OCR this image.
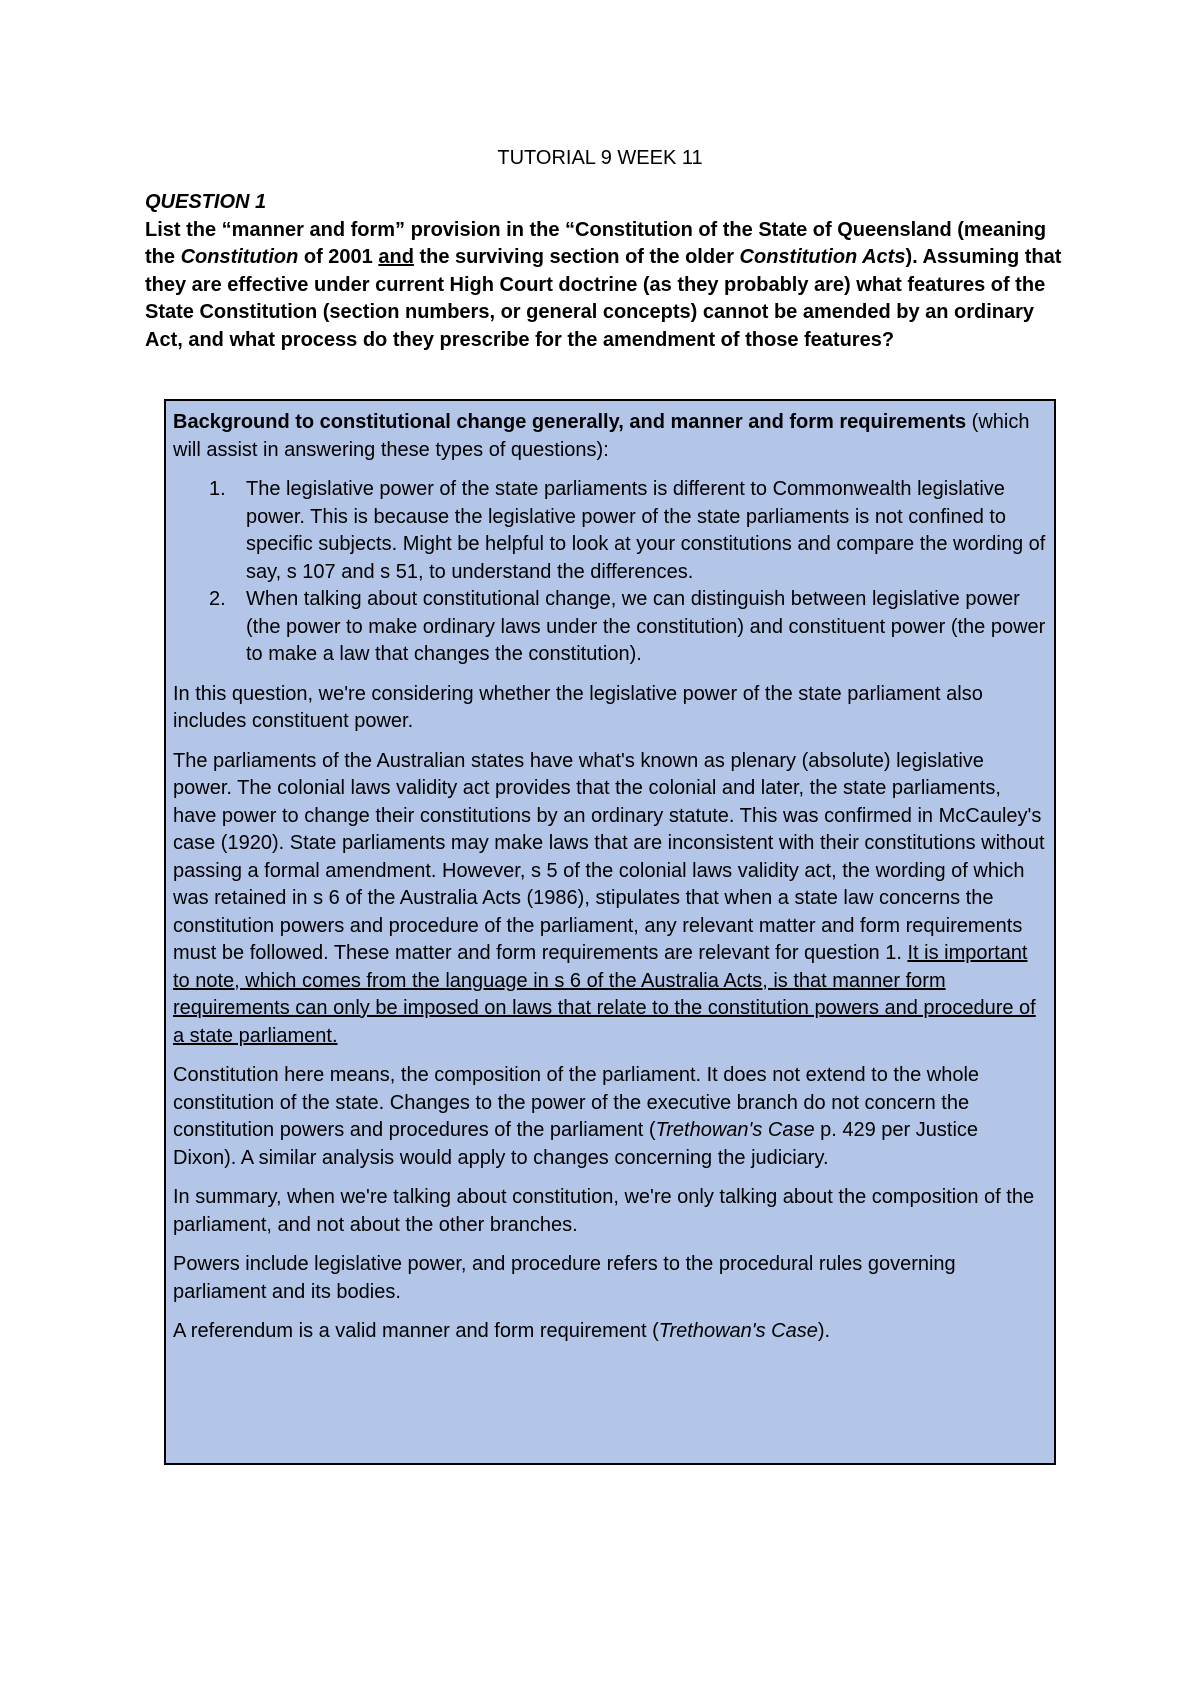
TUTORIAL 9 WEEK 11
QUESTION 1
List the “manner and form” provision in the “Constitution of the State of Queensland (meaning the Constitution of 2001 and the surviving section of the older Constitution Acts). Assuming that they are effective under current High Court doctrine (as they probably are) what features of the State Constitution (section numbers, or general concepts) cannot be amended by an ordinary Act, and what process do they prescribe for the amendment of those features?

Background to constitutional change generally, and manner and form requirements (which will assist in answering these types of questions):

1. The legislative power of the state parliaments is different to Commonwealth legislative power. This is because the legislative power of the state parliaments is not confined to specific subjects. Might be helpful to look at your constitutions and compare the wording of say, s 107 and s 51, to understand the differences.
2. When talking about constitutional change, we can distinguish between legislative power (the power to make ordinary laws under the constitution) and constituent power (the power to make a law that changes the constitution).

In this question, we're considering whether the legislative power of the state parliament also includes constituent power.

The parliaments of the Australian states have what's known as plenary (absolute) legislative power. The colonial laws validity act provides that the colonial and later, the state parliaments, have power to change their constitutions by an ordinary statute. This was confirmed in McCauley's case (1920). State parliaments may make laws that are inconsistent with their constitutions without passing a formal amendment. However, s 5 of the colonial laws validity act, the wording of which was retained in s 6 of the Australia Acts (1986), stipulates that when a state law concerns the constitution powers and procedure of the parliament, any relevant matter and form requirements must be followed. These matter and form requirements are relevant for question 1. It is important to note, which comes from the language in s 6 of the Australia Acts, is that manner form requirements can only be imposed on laws that relate to the constitution powers and procedure of a state parliament.

Constitution here means, the composition of the parliament. It does not extend to the whole constitution of the state. Changes to the power of the executive branch do not concern the constitution powers and procedures of the parliament (Trethowan's Case p. 429 per Justice Dixon). A similar analysis would apply to changes concerning the judiciary.

In summary, when we're talking about constitution, we're only talking about the composition of the parliament, and not about the other branches.

Powers include legislative power, and procedure refers to the procedural rules governing parliament and its bodies.

A referendum is a valid manner and form requirement (Trethowan's Case).
